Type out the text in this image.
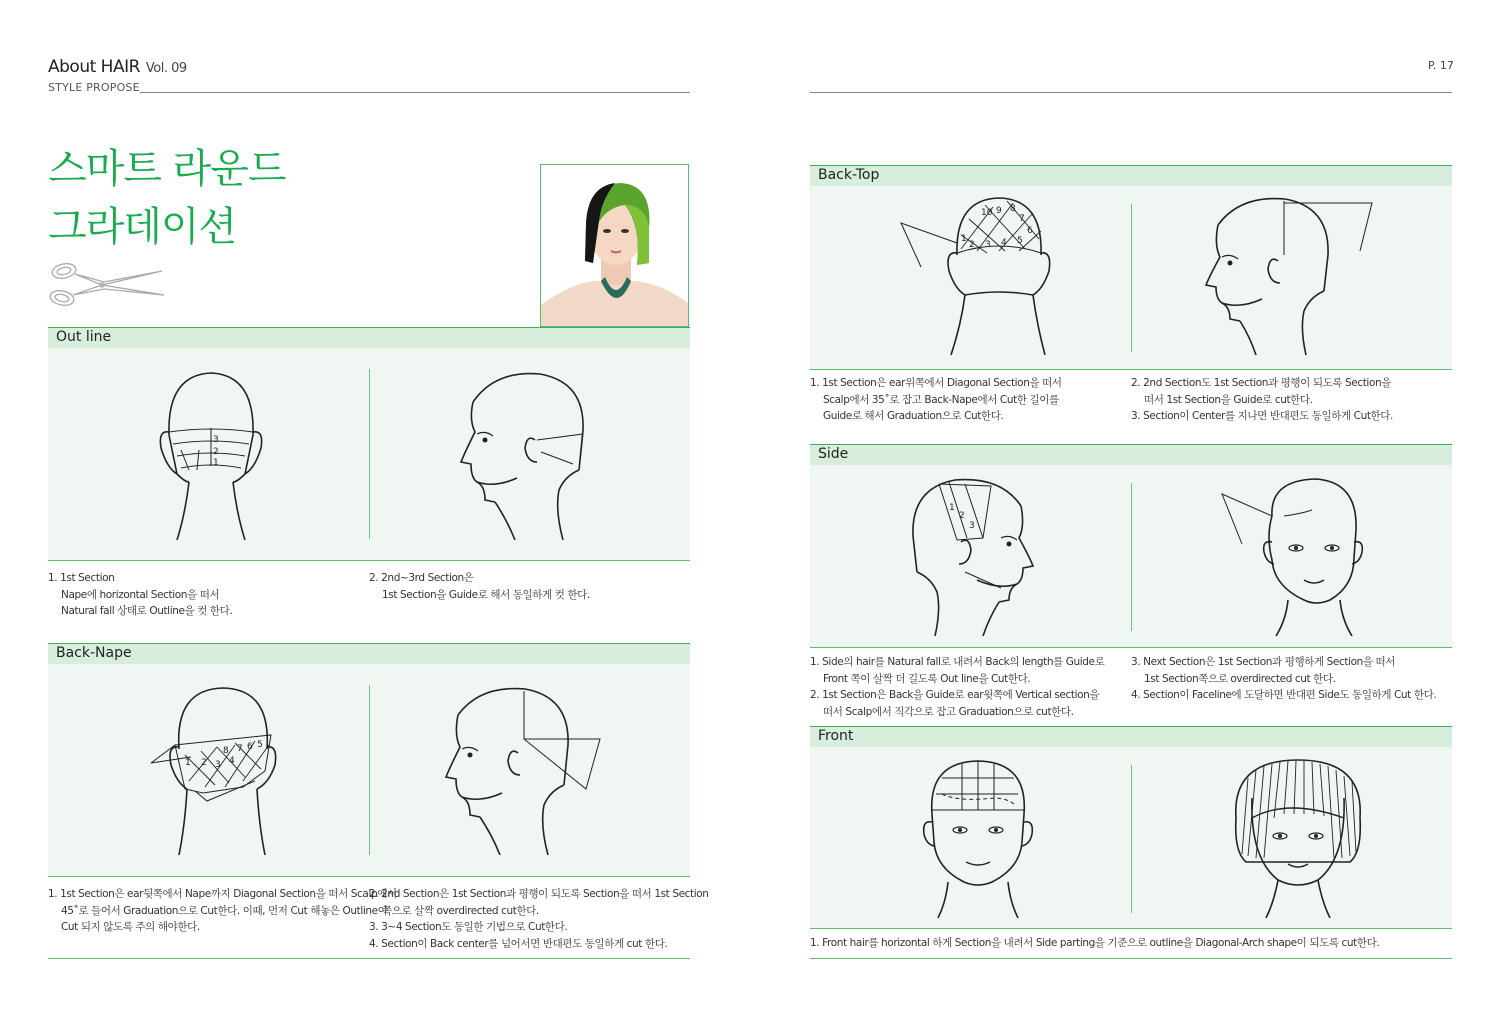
About HAIR Vol. 09
STYLE PROPOSE
P. 17
스마트 라운드
그라데이션
Out line
3
2
1
1. 1st Section
Nape에 horizontal Section을 떠서
Natural fall 상태로 Outline을 컷 한다.
2. 2nd~3rd Section은
1st Section을 Guide로 해서 동일하게 컷 한다.
Back-Nape
1 2 3 4
8 7 6 5
1. 1st Section은 ear뒷쪽에서 Nape까지 Diagonal Section을 떠서 Scalp에서
45˚로 들어서 Graduation으로 Cut한다. 이때, 먼저 Cut 해놓은 Outline이
Cut 되지 않도록 주의 해야한다.
2. 2nd Section은 1st Section과 평행이 되도록 Section을 떠서 1st Section
쪽으로 살짝 overdirected cut한다.
3. 3~4 Section도 동일한 기법으로 Cut한다.
4. Section이 Back center를 넘어서면 반대편도 동일하게 cut 한다.
Back-Top
10 9 8
7
6
1
2 3 4 5
1. 1st Section은 ear위쪽에서 Diagonal Section을 떠서
Scalp에서 35˚로 잡고 Back-Nape에서 Cut한 길이를
Guide로 해서 Graduation으로 Cut한다.
2. 2nd Section도 1st Section과 평행이 되도록 Section을
떠서 1st Section을 Guide로 cut한다.
3. Section이 Center를 지나면 반대편도 동일하게 Cut한다.
Side
1
2
3
1. Side의 hair를 Natural fall로 내려서 Back의 length를 Guide로
Front 쪽이 살짝 더 길도록 Out line을 Cut한다.
2. 1st Section은 Back을 Guide로 ear윗쪽에 Vertical section을
떠서 Scalp에서 직각으로 잡고 Graduation으로 cut한다.
3. Next Section은 1st Section과 평행하게 Section을 떠서
1st Section쪽으로 overdirected cut 한다.
4. Section이 Faceline에 도달하면 반대편 Side도 동일하게 Cut 한다.
Front
1. Front hair를 horizontal 하게 Section을 내려서 Side parting을 기준으로 outline을 Diagonal-Arch shape이 되도록 cut한다.
